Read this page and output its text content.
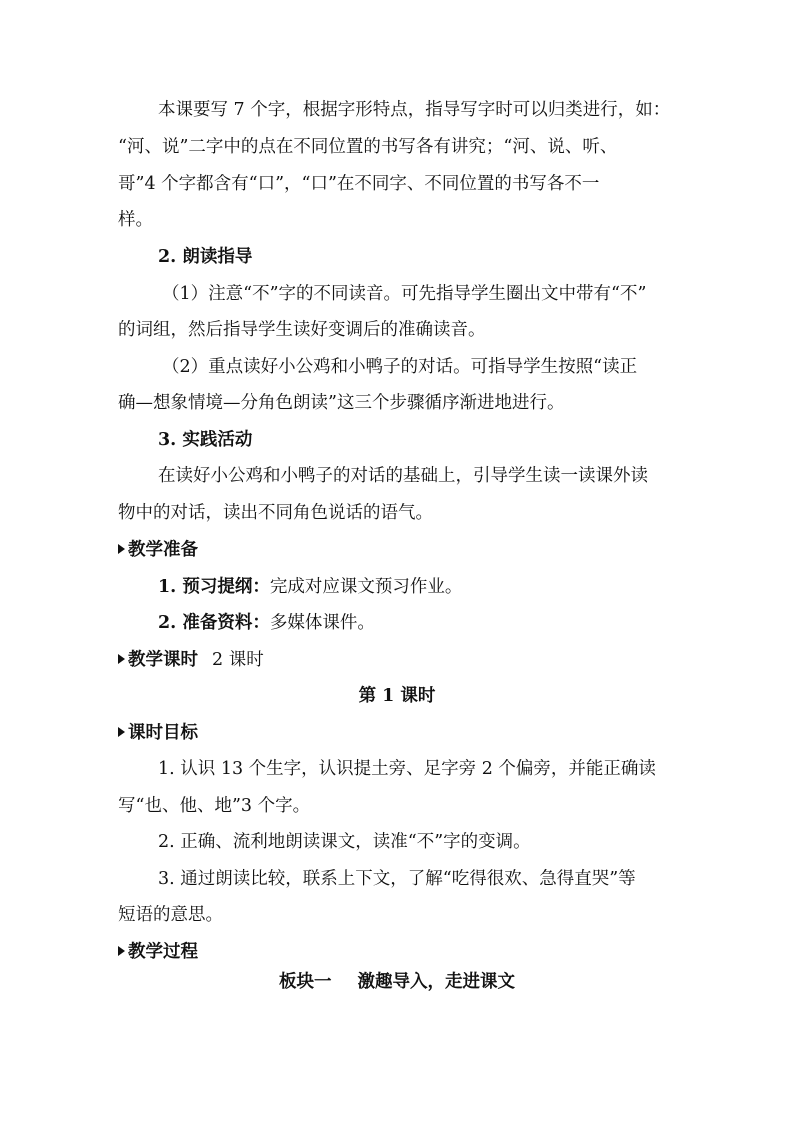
本课要写 7 个字，根据字形特点，指导写字时可以归类进行，如：
“河、说”二字中的点在不同位置的书写各有讲究；“河、说、听、
哥”4 个字都含有“口”，“口”在不同字、不同位置的书写各不一
样。
2. 朗读指导
（1）注意“不”字的不同读音。可先指导学生圈出文中带有“不”
的词组，然后指导学生读好变调后的准确读音。
（2）重点读好小公鸡和小鸭子的对话。可指导学生按照“读正
确—想象情境—分角色朗读”这三个步骤循序渐进地进行。
3. 实践活动
在读好小公鸡和小鸭子的对话的基础上，引导学生读一读课外读
物中的对话，读出不同角色说话的语气。
教学准备
1. 预习提纲：完成对应课文预习作业。
2. 准备资料：多媒体课件。
教学课时 2 课时
第 1 课时
课时目标
1. 认识 13 个生字，认识提土旁、足字旁 2 个偏旁，并能正确读
写“也、他、地”3 个字。
2. 正确、流利地朗读课文，读准“不”字的变调。
3. 通过朗读比较，联系上下文，了解“吃得很欢、急得直哭”等
短语的意思。
教学过程
板块一 激趣导入，走进课文
